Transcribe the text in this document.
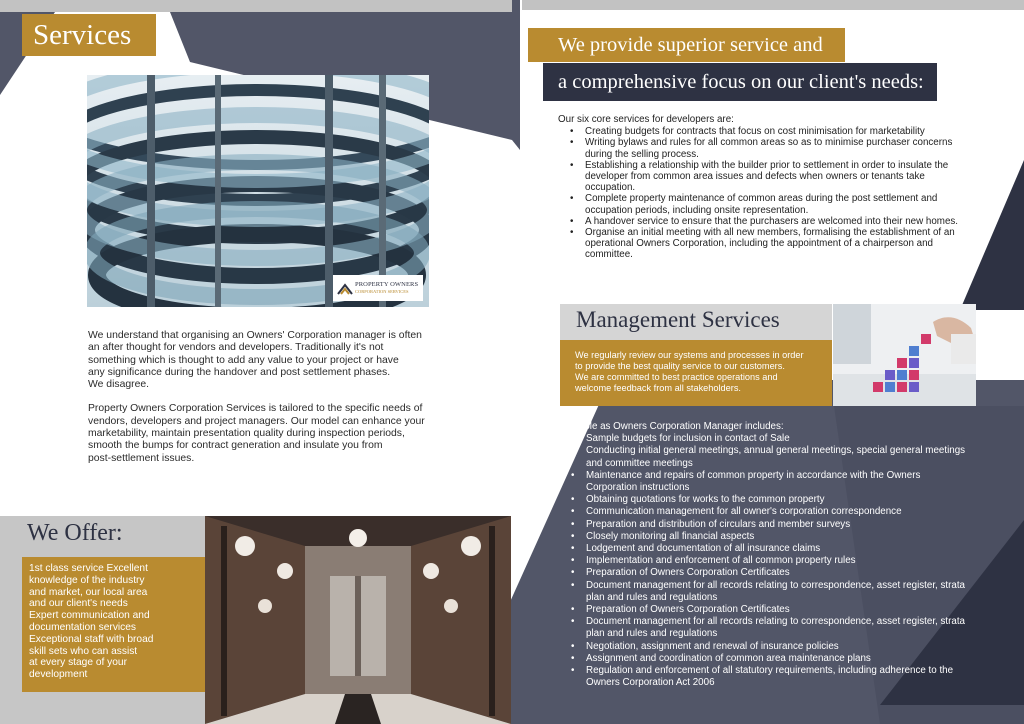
Services
PROPERTY OWNERS
CORPORATION SERVICES

We understand that organising an Owners' Corporation manager is often
an after thought for vendors and developers. Traditionally it's not
something which is thought to add any value to your project or have
any significance during the handover and post settlement phases.
We disagree.

Property Owners Corporation Services is tailored to the specific needs of
vendors, developers and project managers. Our model can enhance your
marketability, maintain presentation quality during inspection periods,
smooth the bumps for contract generation and insulate you from
post-settlement issues.

We Offer:
1st class service Excellent
knowledge of the industry
and market, our local area
and our client's needs
Expert communication and
documentation services
Exceptional staff with broad
skill sets who can assist
at every stage of your
development
We provide superior service and
a comprehensive focus on our client's needs:
Our six core services for developers are:
• Creating budgets for contracts that focus on cost minimisation for marketability
• Writing bylaws and rules for all common areas so as to minimise purchaser concerns during the selling process.
• Establishing a relationship with the builder prior to settlement in order to insulate the developer from common area issues and defects when owners or tenants take occupation.
• Complete property maintenance of common areas during the post settlement and occupation periods, including onsite representation.
• A handover service to ensure that the purchasers are welcomed into their new homes.
• Organise an initial meeting with all new members, formalising the establishment of an operational Owners Corporation, including the appointment of a chairperson and committee.
Management Services
We regularly review our systems and processes in order
to provide the best quality service to our customers.
We are committed to best practice operations and
welcome feedback from all stakeholders.
Our role as Owners Corporation Manager includes:
• Sample budgets for inclusion in contact of Sale
• Conducting initial general meetings, annual general meetings, special general meetings and committee meetings
• Maintenance and repairs of common property in accordance with the Owners Corporation instructions
• Obtaining quotations for works to the common property
• Communication management for all owner's corporation correspondence
• Preparation and distribution of circulars and member surveys
• Closely monitoring all financial aspects
• Lodgement and documentation of all insurance claims
• Implementation and enforcement of all common property rules
• Preparation of Owners Corporation Certificates
• Document management for all records relating to correspondence, asset register, strata plan and rules and regulations
• Preparation of Owners Corporation Certificates
• Document management for all records relating to correspondence, asset register, strata plan and rules and regulations
• Negotiation, assignment and renewal of insurance policies
• Assignment and coordination of common area maintenance plans
• Regulation and enforcement of all statutory requirements, including adherence to the Owners Corporation Act 2006
